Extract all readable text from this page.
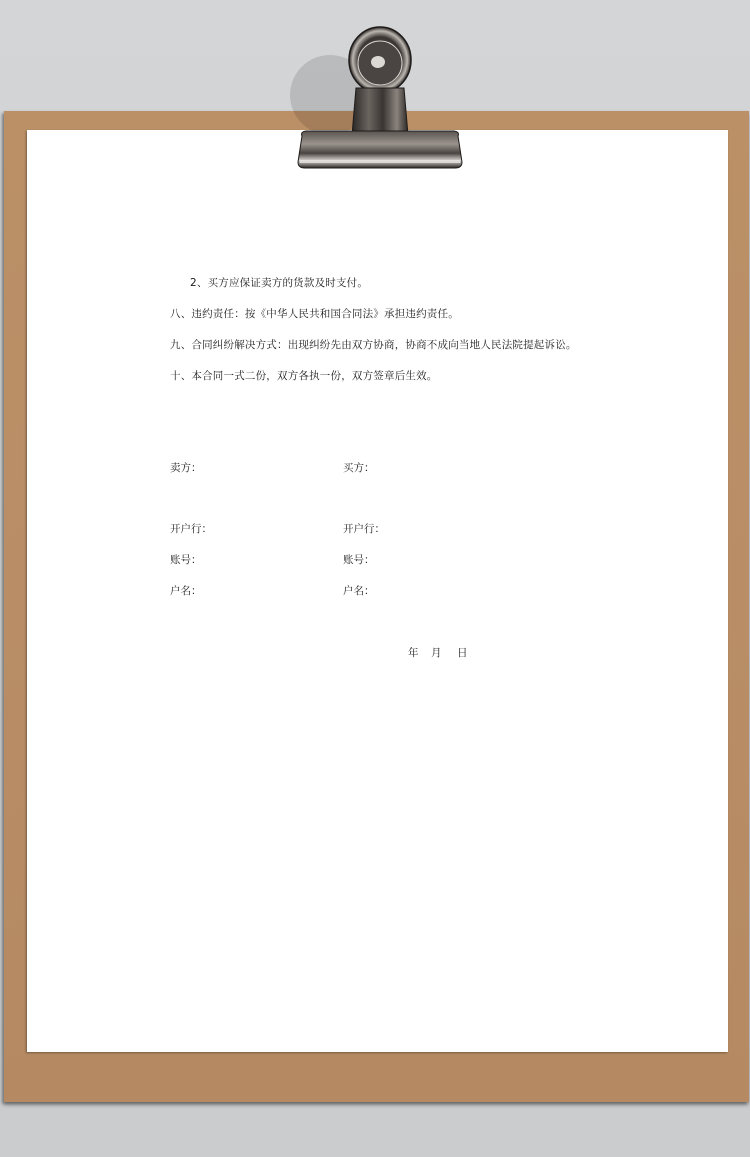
2、买方应保证卖方的货款及时支付。
八、违约责任：按《中华人民共和国合同法》承担违约责任。
九、合同纠纷解决方式：出现纠纷先由双方协商，协商不成向当地人民法院提起诉讼。
十、本合同一式二份，双方各执一份，双方签章后生效。
卖方：	买方：
开户行：	开户行：
账号：	账号：
户名：	户名：
年 月 日
